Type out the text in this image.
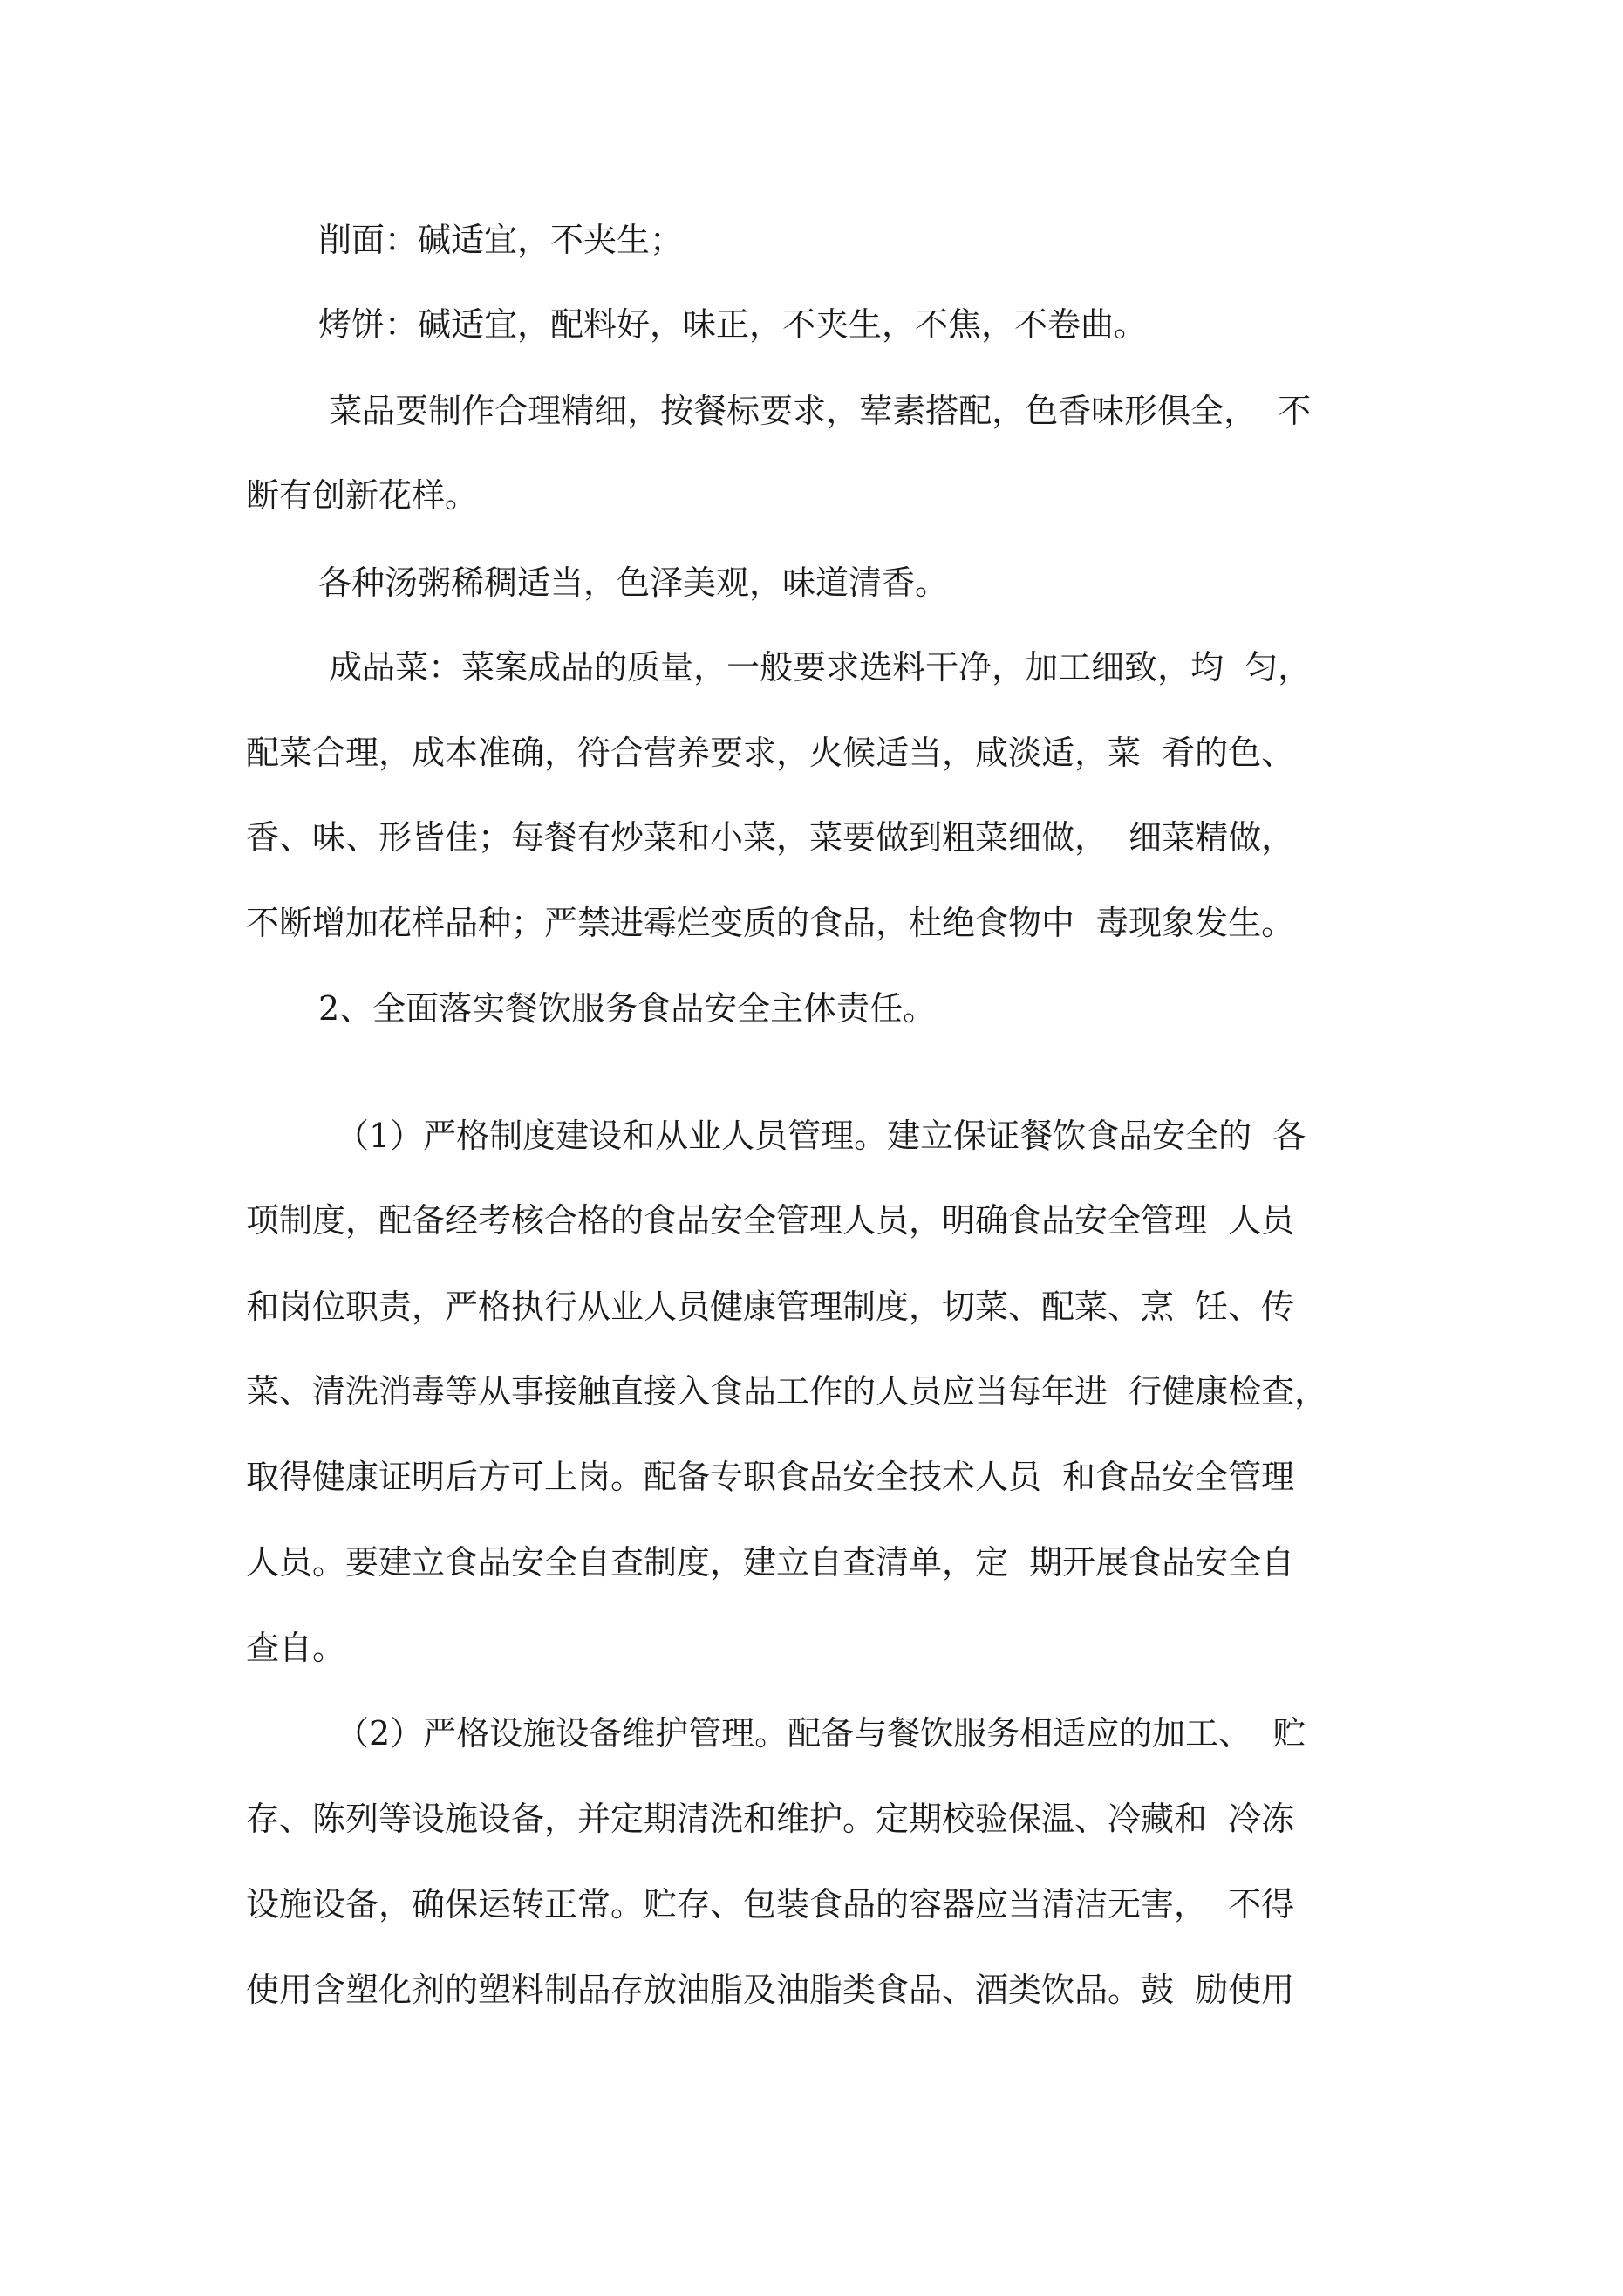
削面：碱适宜，不夹生；

烤饼：碱适宜，配料好，味正，不夹生，不焦，不卷曲。

菜品要制作合理精细，按餐标要求，荤素搭配，色香味形俱全，  不

断有创新花样。

各种汤粥稀稠适当，色泽美观，味道清香。

成品菜：菜案成品的质量，一般要求选料干净，加工细致，均  匀，

配菜合理，成本准确，符合营养要求，火候适当，咸淡适，菜  肴的色、

香、味、形皆佳；每餐有炒菜和小菜，菜要做到粗菜细做，  细菜精做，

不断增加花样品种；严禁进霉烂变质的食品，杜绝食物中  毒现象发生。

2、全面落实餐饮服务食品安全主体责任。

（1）严格制度建设和从业人员管理。建立保证餐饮食品安全的  各

项制度，配备经考核合格的食品安全管理人员，明确食品安全管理  人员

和岗位职责，严格执行从业人员健康管理制度，切菜、配菜、烹  饪、传

菜、清洗消毒等从事接触直接入食品工作的人员应当每年进  行健康检查，

取得健康证明后方可上岗。配备专职食品安全技术人员  和食品安全管理

人员。要建立食品安全自查制度，建立自查清单，定  期开展食品安全自

查自。

（2）严格设施设备维护管理。配备与餐饮服务相适应的加工、  贮

存、陈列等设施设备，并定期清洗和维护。定期校验保温、冷藏和  冷冻

设施设备，确保运转正常。贮存、包装食品的容器应当清洁无害，  不得

使用含塑化剂的塑料制品存放油脂及油脂类食品、酒类饮品。鼓  励使用
